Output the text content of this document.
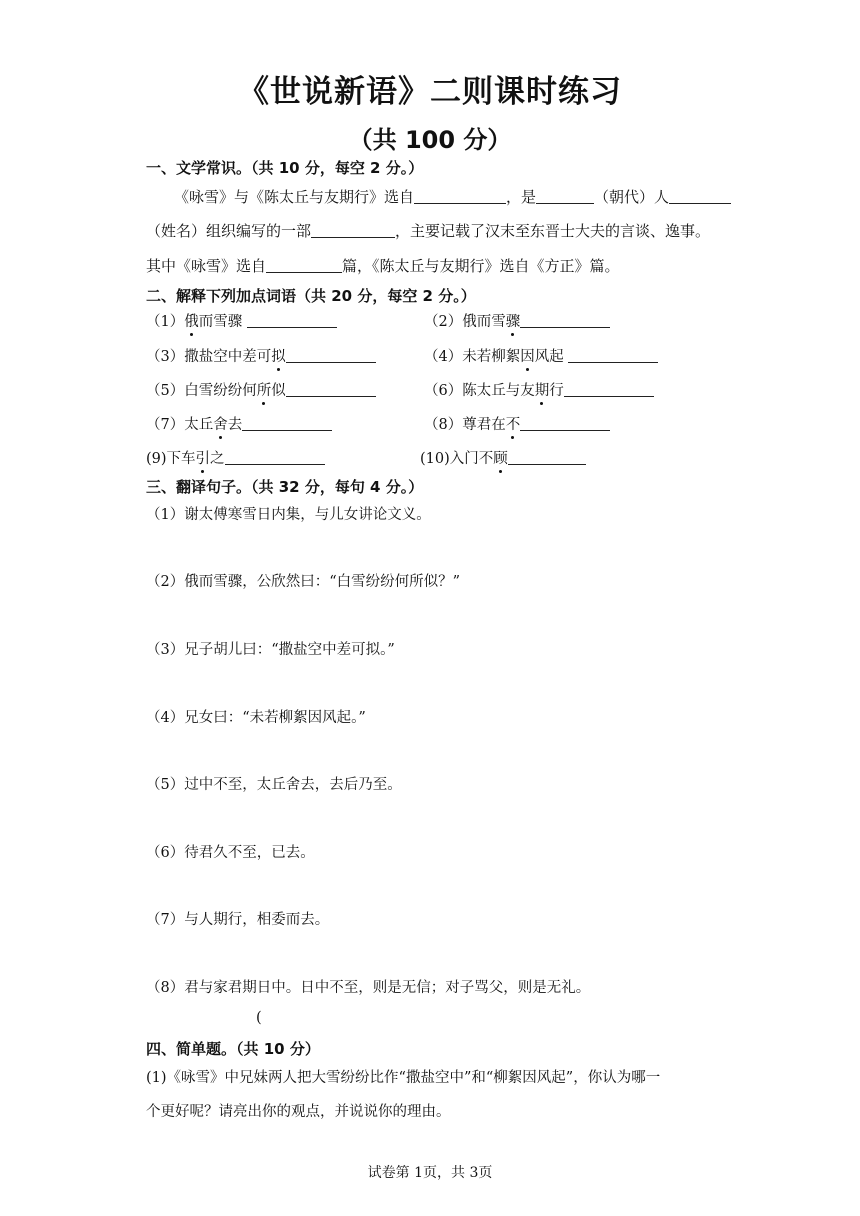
《世说新语》二则课时练习
（共 100 分）
一、文学常识。（共 10 分，每空 2 分。）
《咏雪》与《陈太丘与友期行》选自	，是	（朝代）人
（姓名）组织编写的一部	，主要记载了汉末至东晋士大夫的言谈、逸事。
其中《咏雪》选自	篇，《陈太丘与友期行》选自《方正》篇。
二、解释下列加点词语（共 20 分，每空 2 分。）
（1）俄而雪骤	（2）俄而雪骤
（3）撒盐空中差可拟	（4）未若柳絮因风起
（5）白雪纷纷何所似	（6）陈太丘与友期行
（7）太丘舍去	（8）尊君在不
(9)下车引之	(10)入门不顾
三、翻译句子。（共 32 分，每句 4 分。）
（1）谢太傅寒雪日内集，与儿女讲论文义。
（2）俄而雪骤，公欣然曰：“白雪纷纷何所似？”
（3）兄子胡儿曰：“撒盐空中差可拟。”
（4）兄女曰：“未若柳絮因风起。”
（5）过中不至，太丘舍去，去后乃至。
（6）待君久不至，已去。
（7）与人期行，相委而去。
（8）君与家君期日中。日中不至，则是无信；对子骂父，则是无礼。
(
四、简单题。（共 10 分）
(1)《咏雪》中兄妹两人把大雪纷纷比作“撒盐空中”和“柳絮因风起”，你认为哪一
个更好呢？请亮出你的观点，并说说你的理由。
试卷第 1页，共 3页
